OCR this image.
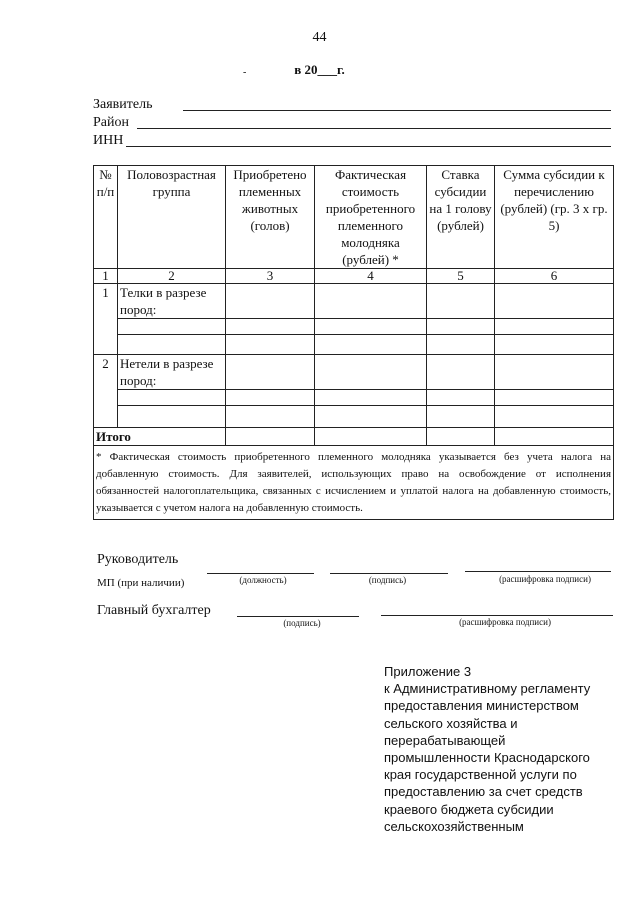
44
в 20___г.
-
Заявитель
Район
ИНН
№ п/п	Половозрастная группа	Приобретено племенных животных (голов)	Фактическая стоимость приобретенного племенного молодняка (рублей) *	Ставка субсидии на 1 голову (рублей)	Сумма субсидии к перечислению (рублей) (гр. 3 х гр. 5)
1	2	3	4	5	6
1	Телки в разрезе пород:				

2	Нетели в разрезе пород:				

Итого					
* Фактическая стоимость приобретенного племенного молодняка указывается без учета налога на добавленную стоимость. Для заявителей, использующих право на освобождение от исполнения обязанностей налогоплательщика, связанных с исчислением и уплатой налога на добавленную стоимость, указывается с учетом налога на добавленную стоимость.					
Руководитель
МП (при наличии)	(должность)	(подпись)	(расшифровка подписи)
Главный бухгалтер
(подпись)	(расшифровка подписи)
Приложение 3
к Административному регламенту
предоставления министерством
сельского хозяйства и
перерабатывающей
промышленности Краснодарского
края государственной услуги по
предоставлению за счет средств
краевого бюджета субсидии
сельскохозяйственным
